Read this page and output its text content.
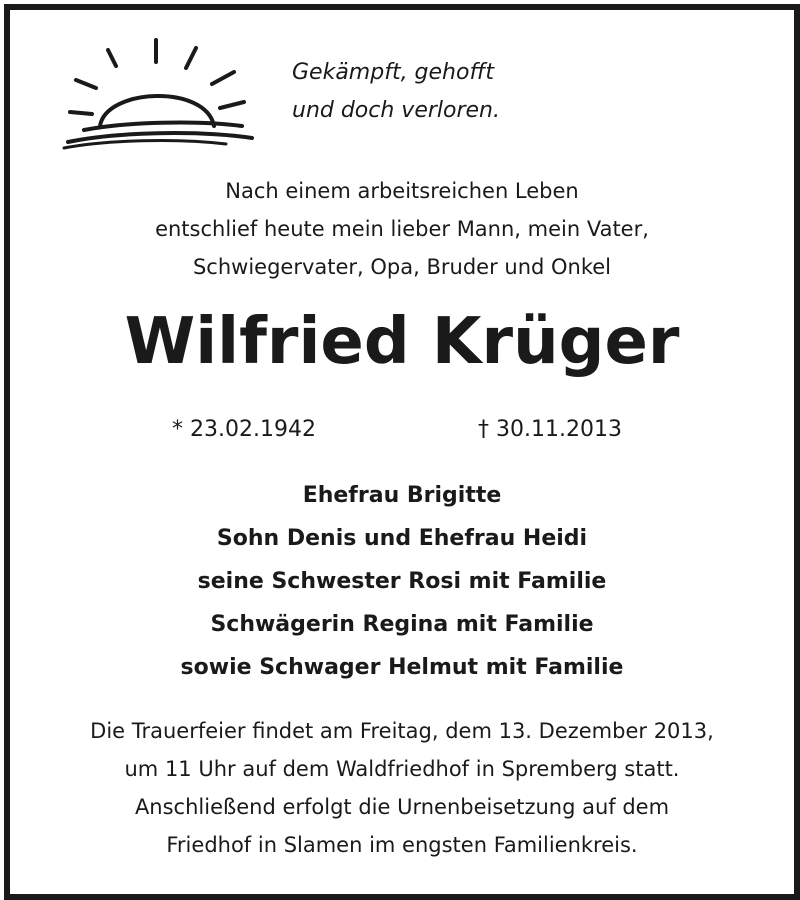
Gekämpft, gehofft
und doch verloren.
Nach einem arbeitsreichen Leben
entschlief heute mein lieber Mann, mein Vater,
Schwiegervater, Opa, Bruder und Onkel
Wilfried Krüger
* 23.02.1942	† 30.11.2013
Ehefrau Brigitte
Sohn Denis und Ehefrau Heidi
seine Schwester Rosi mit Familie
Schwägerin Regina mit Familie
sowie Schwager Helmut mit Familie
Die Trauerfeier findet am Freitag, dem 13. Dezember 2013,
um 11 Uhr auf dem Waldfriedhof in Spremberg statt.
Anschließend erfolgt die Urnenbeisetzung auf dem
Friedhof in Slamen im engsten Familienkreis.
